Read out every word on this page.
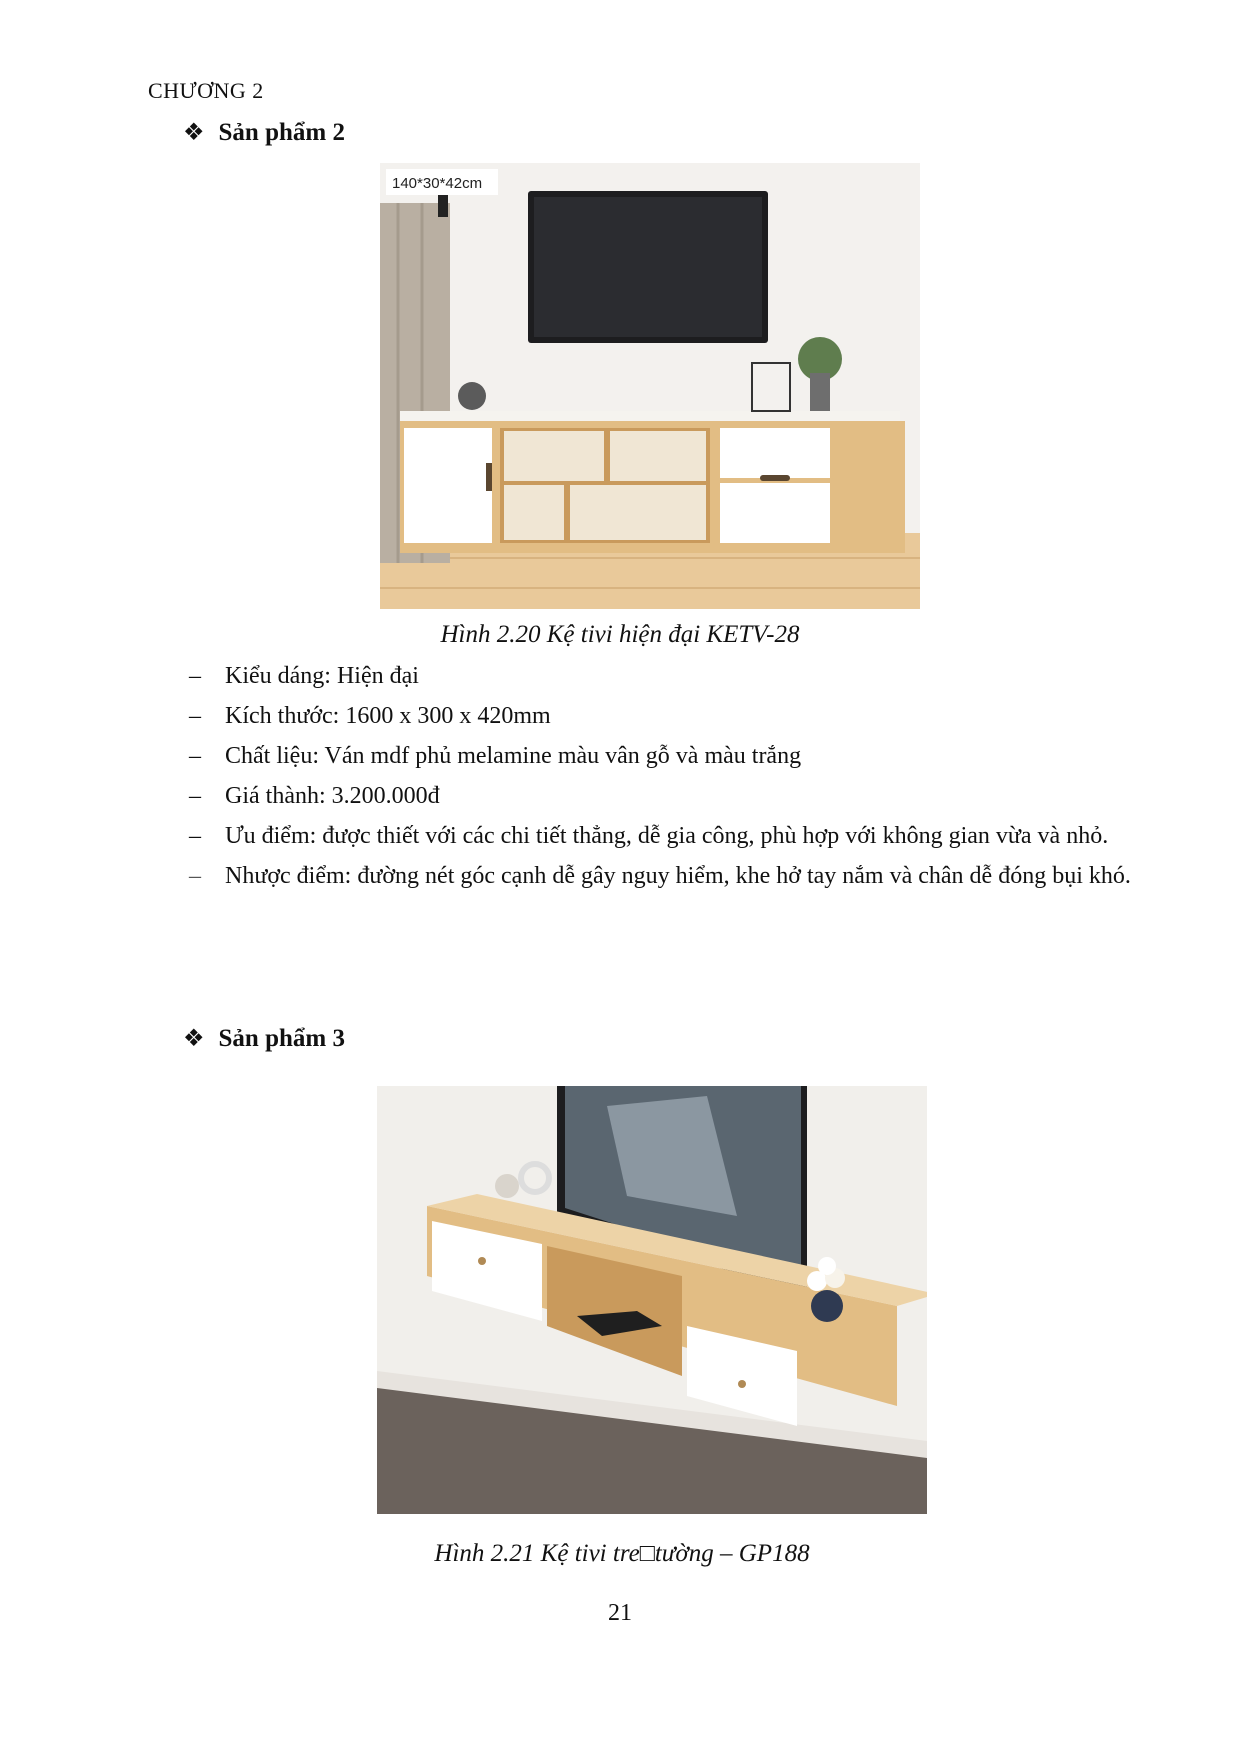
CHƯƠNG 2
❖ Sản phẩm 2
140*30*42cm
Hình 2.20 Kệ tivi hiện đại KETV-28
– Kiểu dáng: Hiện đại
– Kích thước: 1600 x 300 x 420mm
– Chất liệu: Ván mdf phủ melamine màu vân gỗ và màu trắng
– Giá thành: 3.200.000đ
– Ưu điểm: được thiết với các chi tiết thẳng, dễ gia công, phù hợp với không gian vừa và nhỏ.
– Nhược điểm: đường nét góc cạnh dễ gây nguy hiểm, khe hở tay nắm và chân dễ đóng bụi khó.
❖ Sản phẩm 3
Hình 2.21 Kệ tivi tre□tường – GP188
21
